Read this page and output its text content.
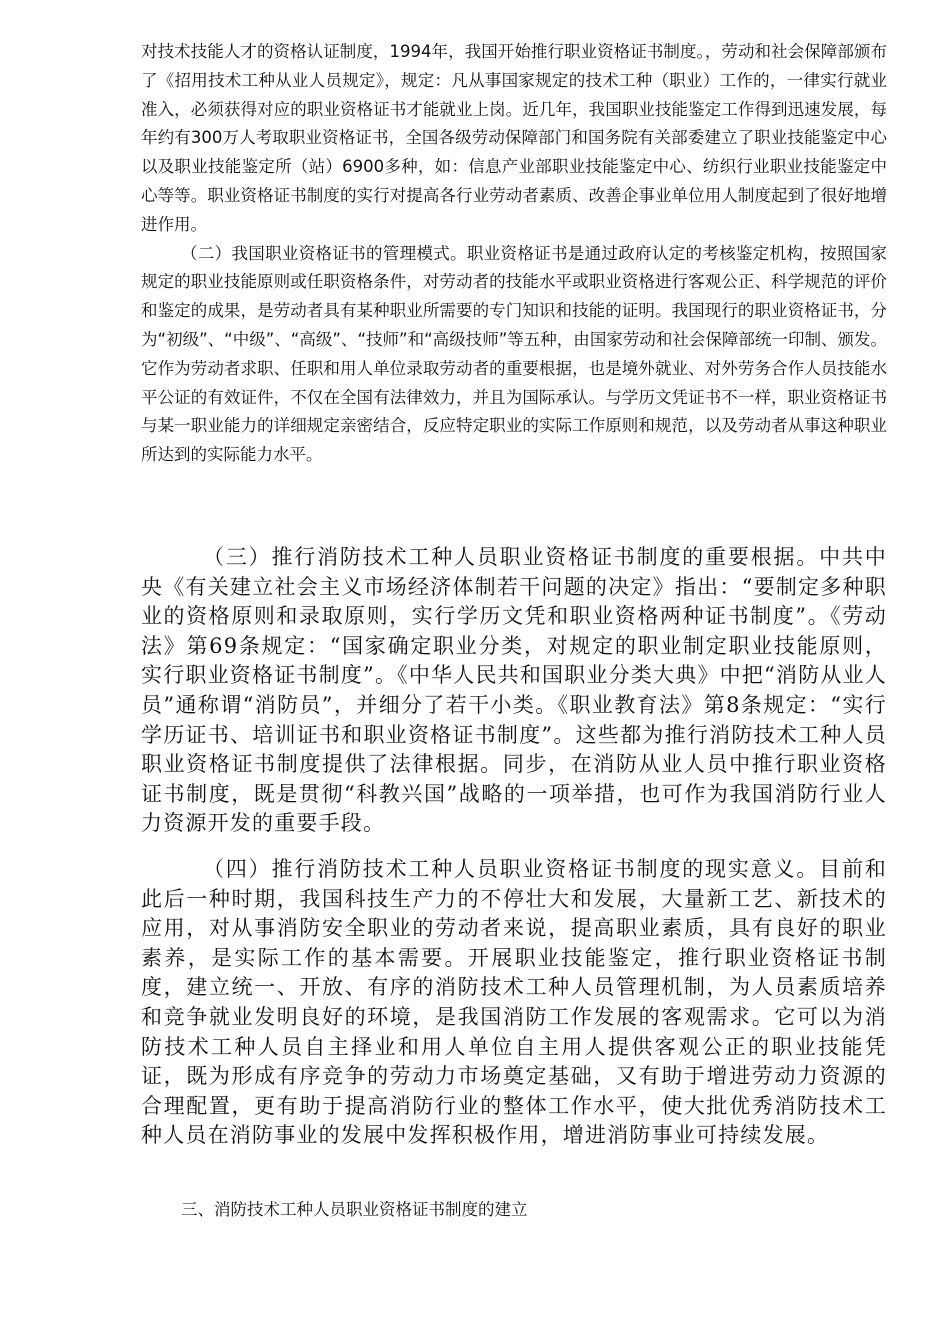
对技术技能人才的资格认证制度，1994年，我国开始推行职业资格证书制度。，劳动和社会保障部颁布了《招用技术工种从业人员规定》，规定：凡从事国家规定的技术工种（职业）工作的，一律实行就业准入，必须获得对应的职业资格证书才能就业上岗。近几年，我国职业技能鉴定工作得到迅速发展，每年约有300万人考取职业资格证书，全国各级劳动保障部门和国务院有关部委建立了职业技能鉴定中心以及职业技能鉴定所（站）6900多种，如：信息产业部职业技能鉴定中心、纺织行业职业技能鉴定中心等等。职业资格证书制度的实行对提高各行业劳动者素质、改善企事业单位用人制度起到了很好地增进作用。

（二）我国职业资格证书的管理模式。职业资格证书是通过政府认定的考核鉴定机构，按照国家规定的职业技能原则或任职资格条件，对劳动者的技能水平或职业资格进行客观公正、科学规范的评价和鉴定的成果，是劳动者具有某种职业所需要的专门知识和技能的证明。我国现行的职业资格证书，分为“初级”、“中级”、“高级”、“技师”和“高级技师”等五种，由国家劳动和社会保障部统一印制、颁发。它作为劳动者求职、任职和用人单位录取劳动者的重要根据，也是境外就业、对外劳务合作人员技能水平公证的有效证件，不仅在全国有法律效力，并且为国际承认。与学历文凭证书不一样，职业资格证书与某一职业能力的详细规定亲密结合，反应特定职业的实际工作原则和规范，以及劳动者从事这种职业所达到的实际能力水平。

（三）推行消防技术工种人员职业资格证书制度的重要根据。中共中央《有关建立社会主义市场经济体制若干问题的决定》指出：“要制定多种职业的资格原则和录取原则，实行学历文凭和职业资格两种证书制度”。《劳动法》第69条规定：“国家确定职业分类，对规定的职业制定职业技能原则，实行职业资格证书制度”。《中华人民共和国职业分类大典》中把“消防从业人员”通称谓“消防员”，并细分了若干小类。《职业教育法》第8条规定：“实行学历证书、培训证书和职业资格证书制度”。这些都为推行消防技术工种人员职业资格证书制度提供了法律根据。同步，在消防从业人员中推行职业资格证书制度，既是贯彻“科教兴国”战略的一项举措，也可作为我国消防行业人力资源开发的重要手段。

（四）推行消防技术工种人员职业资格证书制度的现实意义。目前和此后一种时期，我国科技生产力的不停壮大和发展，大量新工艺、新技术的应用，对从事消防安全职业的劳动者来说，提高职业素质，具有良好的职业素养，是实际工作的基本需要。开展职业技能鉴定，推行职业资格证书制度，建立统一、开放、有序的消防技术工种人员管理机制，为人员素质培养和竞争就业发明良好的环境，是我国消防工作发展的客观需求。它可以为消防技术工种人员自主择业和用人单位自主用人提供客观公正的职业技能凭证，既为形成有序竞争的劳动力市场奠定基础，又有助于增进劳动力资源的合理配置，更有助于提高消防行业的整体工作水平，使大批优秀消防技术工种人员在消防事业的发展中发挥积极作用，增进消防事业可持续发展。

三、消防技术工种人员职业资格证书制度的建立
